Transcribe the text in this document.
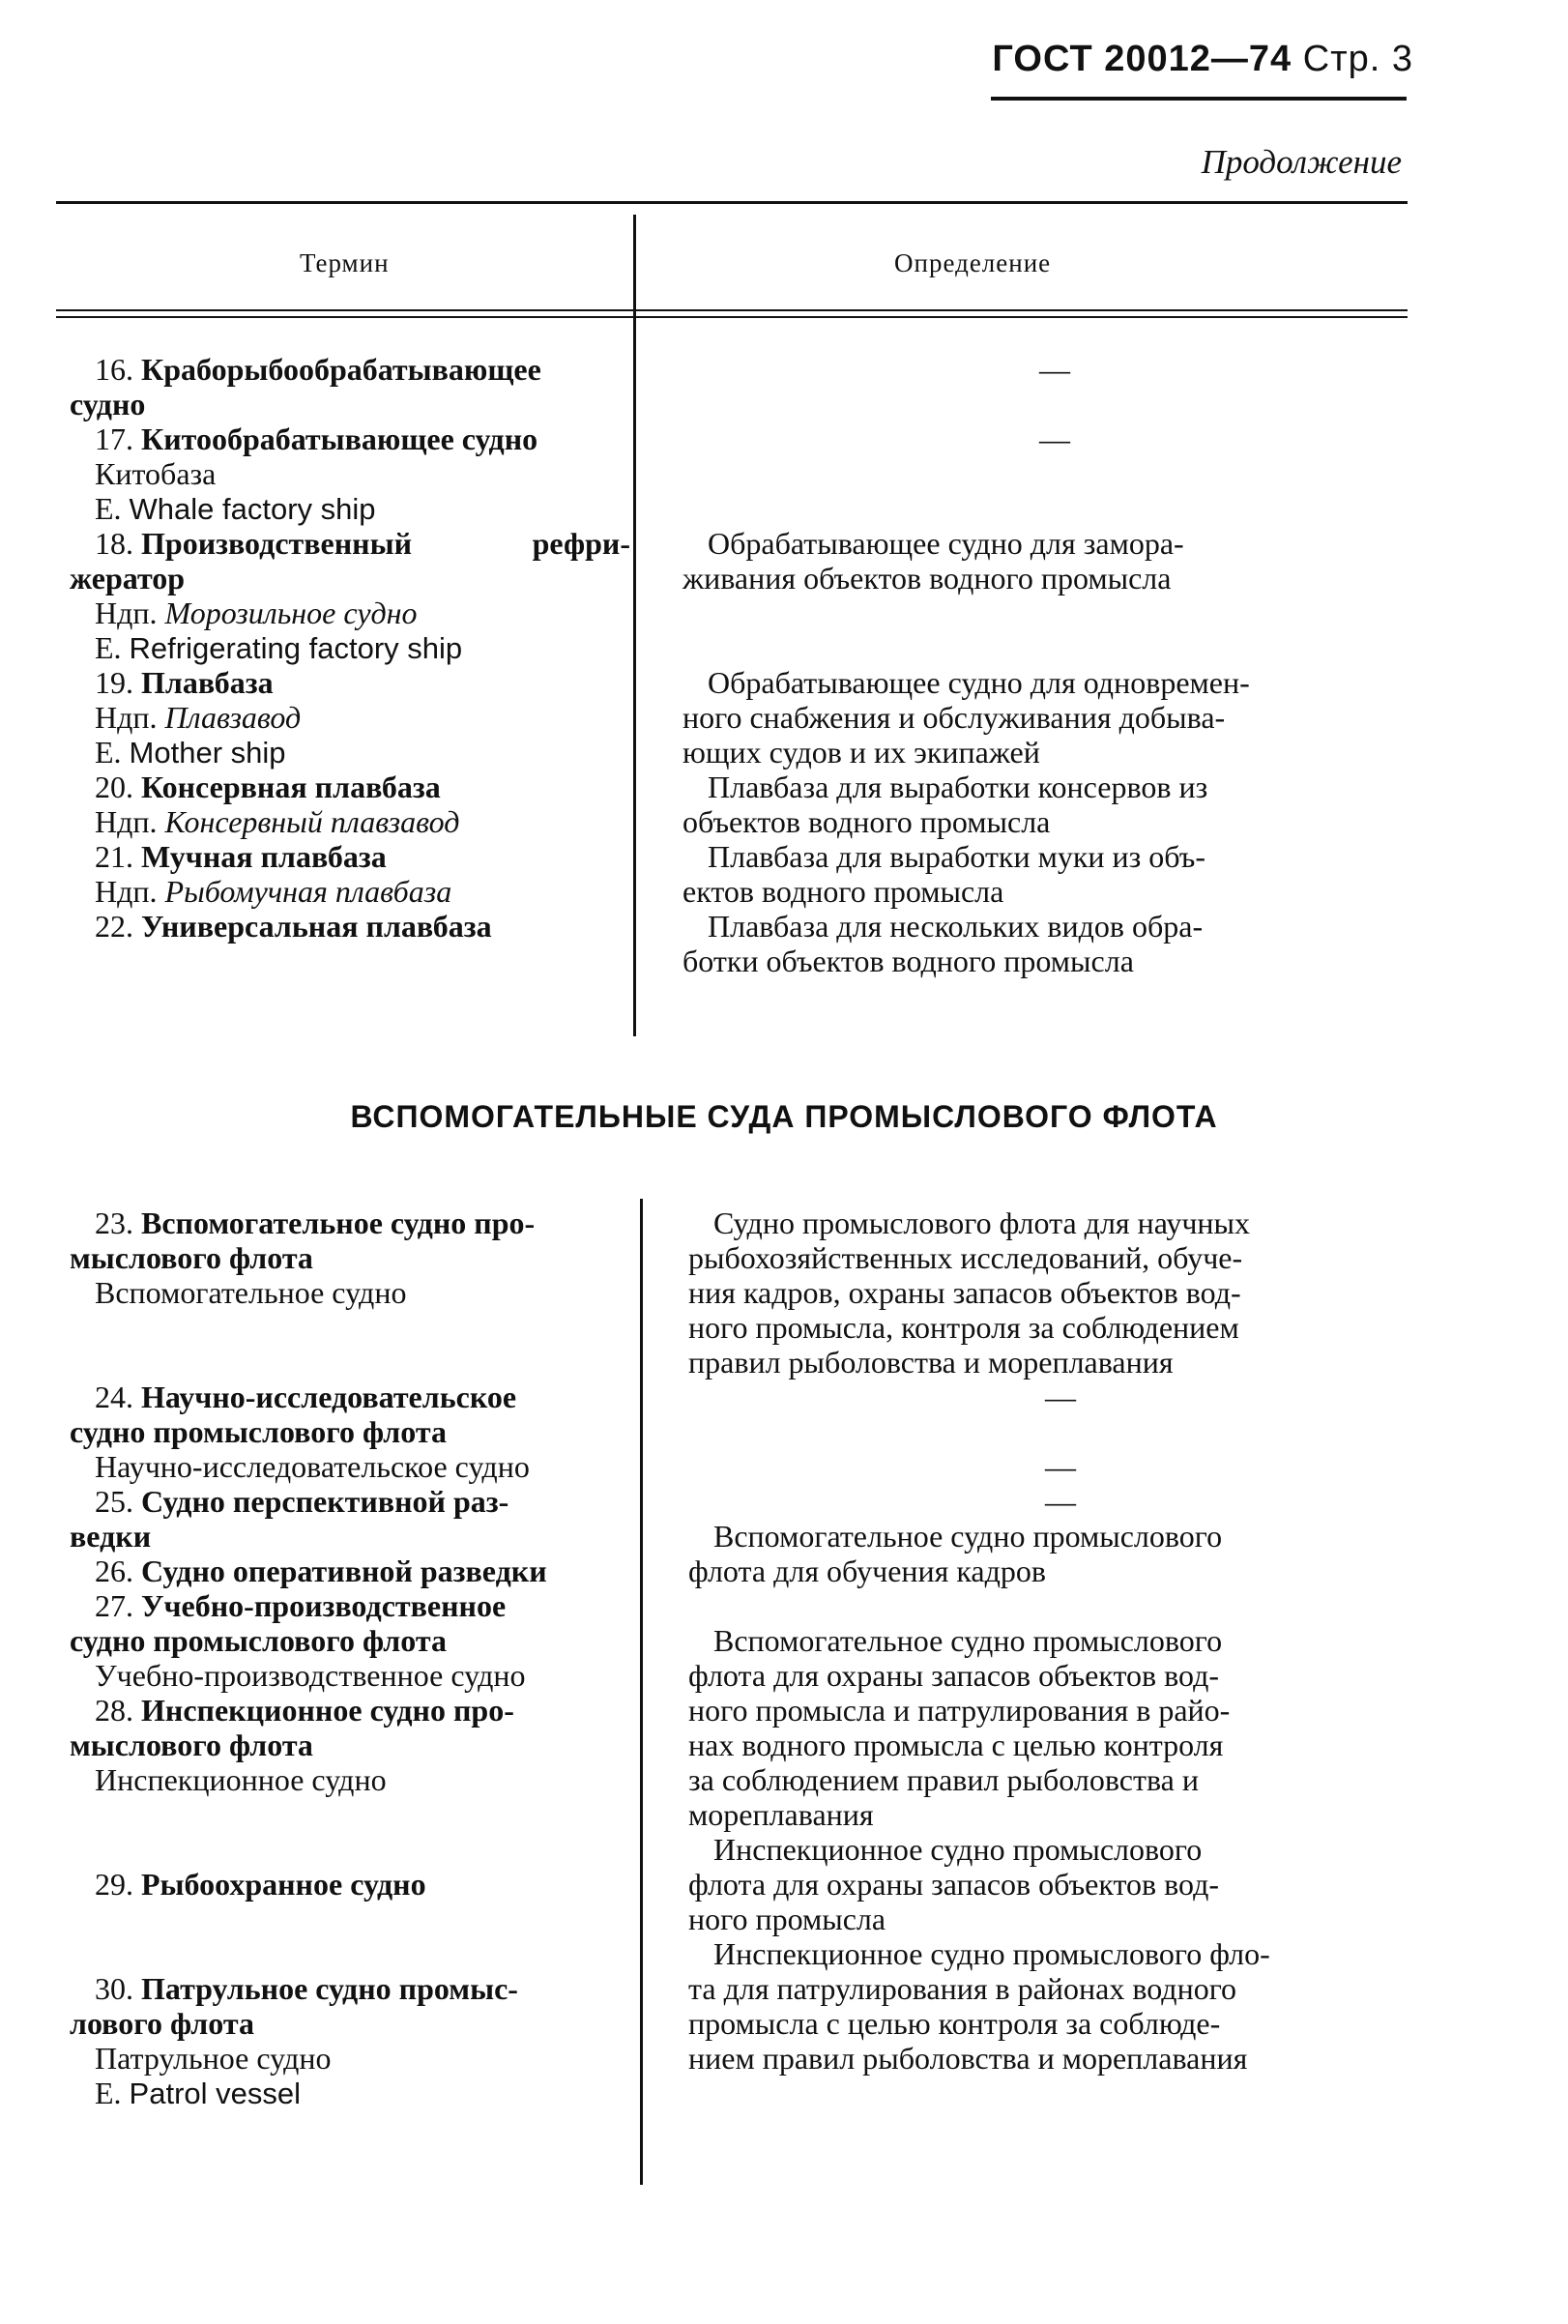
ГОСТ 20012—74 Стр. 3
Продолжение
Термин	Определение
16. Краборыбообрабатывающее
судно
17. Китообрабатывающее судно
Китобаза
Е. Whale factory ship
18. Производственный	рефри-
жератор
Ндп. Морозильное судно
Е. Refrigerating factory ship
19. Плавбаза
Ндп. Плавзавод
Е. Mother ship
20. Консервная плавбаза
Ндп. Консервный плавзавод
21. Мучная плавбаза
Ндп. Рыбомучная плавбаза
22. Универсальная плавбаза
—
—
Обрабатывающее судно для замора-
живания объектов водного промысла
Обрабатывающее судно для одновремен-
ного снабжения и обслуживания добыва-
ющих судов и их экипажей
Плавбаза для выработки консервов из
объектов водного промысла
Плавбаза для выработки муки из объ-
ектов водного промысла
Плавбаза для нескольких видов обра-
ботки объектов водного промысла
ВСПОМОГАТЕЛЬНЫЕ СУДА ПРОМЫСЛОВОГО ФЛОТА
23. Вспомогательное судно про-
мыслового флота
Вспомогательное судно
24. Научно-исследовательское
судно промыслового флота
Научно-исследовательское судно
25. Судно перспективной раз-
ведки
26. Судно оперативной разведки
27. Учебно-производственное
судно промыслового флота
Учебно-производственное судно
28. Инспекционное судно про-
мыслового флота
Инспекционное судно
29. Рыбоохранное судно
30. Патрульное судно промыс-
лового флота
Патрульное судно
Е. Patrol vessel
Судно промыслового флота для научных
рыбохозяйственных исследований, обуче-
ния кадров, охраны запасов объектов вод-
ного промысла, контроля за соблюдением
правил рыболовства и мореплавания
—
—
—
Вспомогательное судно промыслового
флота для обучения кадров
Вспомогательное судно промыслового
флота для охраны запасов объектов вод-
ного промысла и патрулирования в райо-
нах водного промысла с целью контроля
за соблюдением правил рыболовства и
мореплавания
Инспекционное судно промыслового
флота для охраны запасов объектов вод-
ного промысла
Инспекционное судно промыслового фло-
та для патрулирования в районах водного
промысла с целью контроля за соблюде-
нием правил рыболовства и мореплавания
